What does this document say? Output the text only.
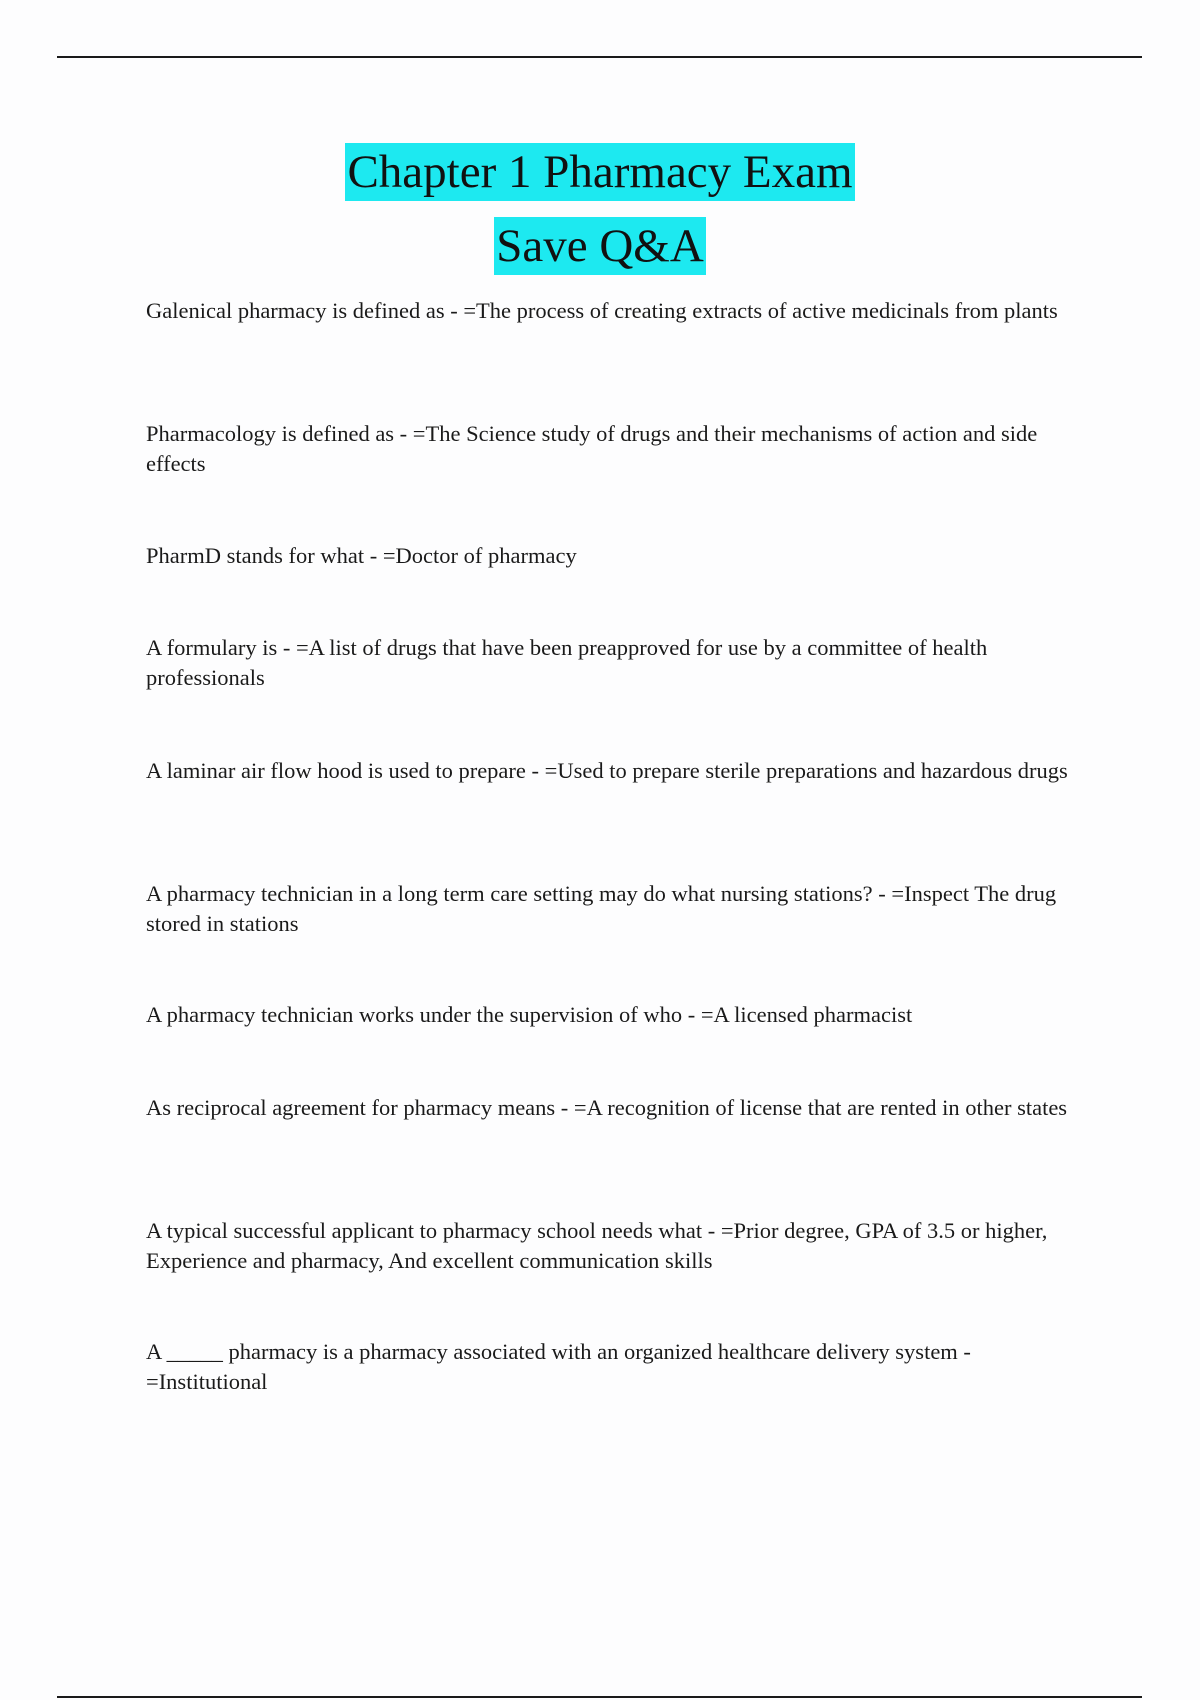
Chapter 1 Pharmacy Exam
Save Q&A
Galenical pharmacy is defined as - =The process of creating extracts of active medicinals from plants
Pharmacology is defined as - =The Science study of drugs and their mechanisms of action and side effects
PharmD stands for what - =Doctor of pharmacy
A formulary is - =A list of drugs that have been preapproved for use by a committee of health professionals
A laminar air flow hood is used to prepare - =Used to prepare sterile preparations and hazardous drugs
A pharmacy technician in a long term care setting may do what nursing stations? - =Inspect The drug stored in stations
A pharmacy technician works under the supervision of who - =A licensed pharmacist
As reciprocal agreement for pharmacy means - =A recognition of license that are rented in other states
A typical successful applicant to pharmacy school needs what - =Prior degree, GPA of 3.5 or higher, Experience and pharmacy, And excellent communication skills
A _____ pharmacy is a pharmacy associated with an organized healthcare delivery system - =Institutional
